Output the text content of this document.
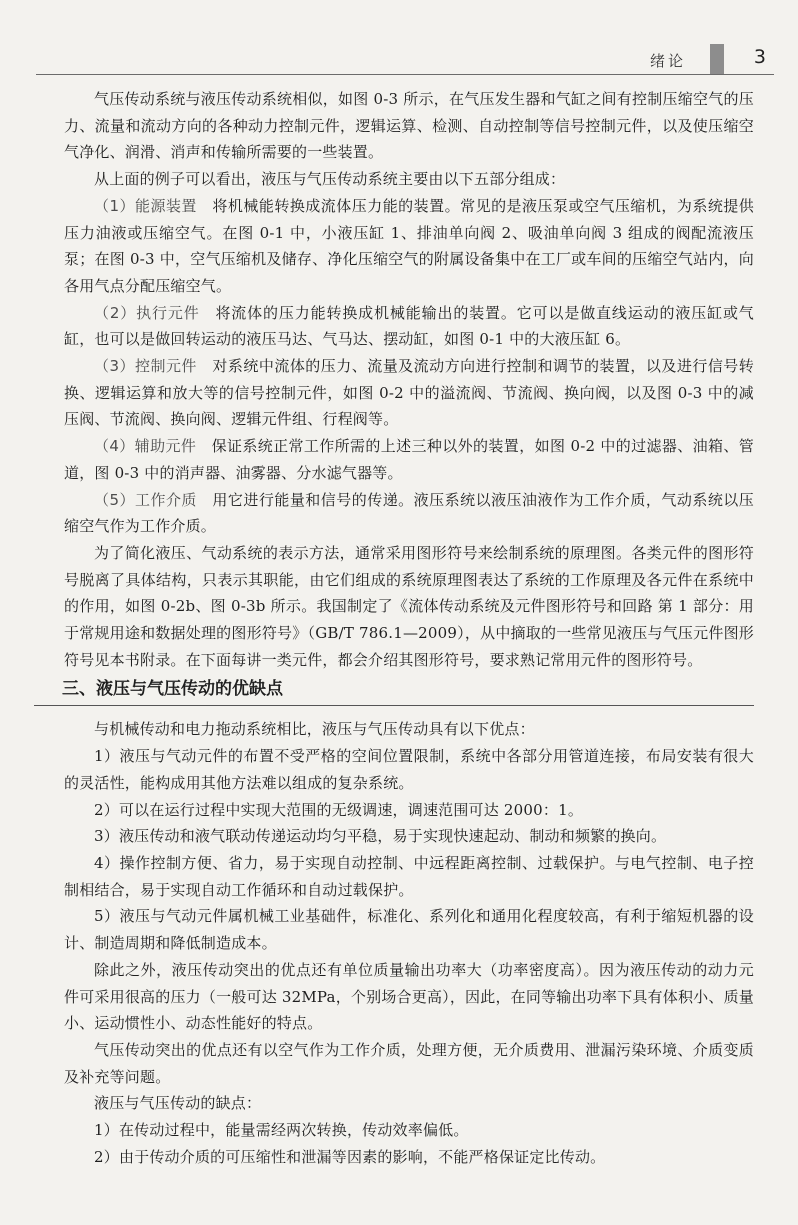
绪论	3

气压传动系统与液压传动系统相似，如图 0-3 所示，在气压发生器和气缸之间有控制压缩空气的压力、流量和流动方向的各种动力控制元件，逻辑运算、检测、自动控制等信号控制元件，以及使压缩空气净化、润滑、消声和传输所需要的一些装置。

从上面的例子可以看出，液压与气压传动系统主要由以下五部分组成：

（1）能源装置　 将机械能转换成流体压力能的装置。常见的是液压泵或空气压缩机，为系统提供压力油液或压缩空气。在图 0-1 中，小液压缸 1、排油单向阀 2、吸油单向阀 3 组成的阀配流液压泵；在图 0-3 中，空气压缩机及储存、净化压缩空气的附属设备集中在工厂或车间的压缩空气站内，向各用气点分配压缩空气。

（2）执行元件　 将流体的压力能转换成机械能输出的装置。它可以是做直线运动的液压缸或气缸，也可以是做回转运动的液压马达、气马达、摆动缸，如图 0-1 中的大液压缸 6。

（3）控制元件　 对系统中流体的压力、流量及流动方向进行控制和调节的装置，以及进行信号转换、逻辑运算和放大等的信号控制元件，如图 0-2 中的溢流阀、节流阀、换向阀，以及图 0-3 中的减压阀、节流阀、换向阀、逻辑元件组、行程阀等。

（4）辅助元件　 保证系统正常工作所需的上述三种以外的装置，如图 0-2 中的过滤器、油箱、管道，图 0-3 中的消声器、油雾器、分水滤气器等。

（5）工作介质　 用它进行能量和信号的传递。液压系统以液压油液作为工作介质，气动系统以压缩空气作为工作介质。

为了简化液压、气动系统的表示方法，通常采用图形符号来绘制系统的原理图。各类元件的图形符号脱离了具体结构，只表示其职能，由它们组成的系统原理图表达了系统的工作原理及各元件在系统中的作用，如图 0-2b、图 0-3b 所示。我国制定了《流体传动系统及元件图形符号和回路 第 1 部分：用于常规用途和数据处理的图形符号》（GB/T 786.1—2009），从中摘取的一些常见液压与气压元件图形符号见本书附录。在下面每讲一类元件，都会介绍其图形符号，要求熟记常用元件的图形符号。

三、液压与气压传动的优缺点

与机械传动和电力拖动系统相比，液压与气压传动具有以下优点：

1）液压与气动元件的布置不受严格的空间位置限制，系统中各部分用管道连接，布局安装有很大的灵活性，能构成用其他方法难以组成的复杂系统。

2）可以在运行过程中实现大范围的无级调速，调速范围可达 2000：1。

3）液压传动和液气联动传递运动均匀平稳，易于实现快速起动、制动和频繁的换向。

4）操作控制方便、省力，易于实现自动控制、中远程距离控制、过载保护。与电气控制、电子控制相结合，易于实现自动工作循环和自动过载保护。

5）液压与气动元件属机械工业基础件，标准化、系列化和通用化程度较高，有利于缩短机器的设计、制造周期和降低制造成本。

除此之外，液压传动突出的优点还有单位质量输出功率大（功率密度高）。因为液压传动的动力元件可采用很高的压力（一般可达 32MPa，个别场合更高），因此，在同等输出功率下具有体积小、质量小、运动惯性小、动态性能好的特点。

气压传动突出的优点还有以空气作为工作介质，处理方便，无介质费用、泄漏污染环境、介质变质及补充等问题。

液压与气压传动的缺点：

1）在传动过程中，能量需经两次转换，传动效率偏低。

2）由于传动介质的可压缩性和泄漏等因素的影响，不能严格保证定比传动。
